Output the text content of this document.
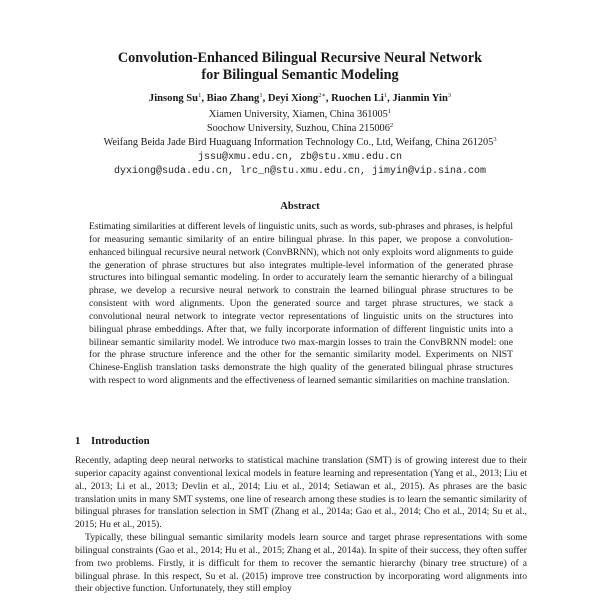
Convolution-Enhanced Bilingual Recursive Neural Network
for Bilingual Semantic Modeling
Jinsong Su$^1$, Biao Zhang$^1$, Deyi Xiong$^{2∗}$, Ruochen Li$^1$, Jianmin Yin$^3$
Xiamen University, Xiamen, China 361005$^1$
Soochow University, Suzhou, China 215006$^2$
Weifang Beida Jade Bird Huaguang Information Technology Co., Ltd, Weifang, China 261205$^3$
jssu@xmu.edu.cn, zb@stu.xmu.edu.cn
dyxiong@suda.edu.cn, lrc_n@stu.xmu.edu.cn, jimyin@vip.sina.com
Abstract

Estimating similarities at different levels of linguistic units, such as words, sub-phrases and phrases, is helpful for measuring semantic similarity of an entire bilingual phrase. In this paper, we propose a convolution-enhanced bilingual recursive neural network (ConvBRNN), which not only exploits word alignments to guide the generation of phrase structures but also integrates multiple-level information of the generated phrase structures into bilingual semantic modeling. In order to accurately learn the semantic hierarchy of a bilingual phrase, we develop a recursive neural network to constrain the learned bilingual phrase structures to be consistent with word alignments. Upon the generated source and target phrase structures, we stack a convolutional neural network to integrate vector representations of linguistic units on the structures into bilingual phrase embeddings. After that, we fully incorporate information of different linguistic units into a bilinear semantic similarity model. We introduce two max-margin losses to train the ConvBRNN model: one for the phrase structure inference and the other for the semantic similarity model. Experiments on NIST Chinese-English translation tasks demonstrate the high quality of the generated bilingual phrase structures with respect to word alignments and the effectiveness of learned semantic similarities on machine translation.

1 Introduction

Recently, adapting deep neural networks to statistical machine translation (SMT) is of growing interest due to their superior capacity against conventional lexical models in feature learning and representation (Yang et al., 2013; Liu et al., 2013; Li et al., 2013; Devlin et al., 2014; Liu et al., 2014; Setiawan et al., 2015). As phrases are the basic translation units in many SMT systems, one line of research among these studies is to learn the semantic similarity of bilingual phrases for translation selection in SMT (Zhang et al., 2014a; Gao et al., 2014; Cho et al., 2014; Su et al., 2015; Hu et al., 2015).

Typically, these bilingual semantic similarity models learn source and target phrase representations with some bilingual constraints (Gao et al., 2014; Hu et al., 2015; Zhang et al., 2014a). In spite of their success, they often suffer from two problems. Firstly, it is difficult for them to recover the semantic hierarchy (binary tree structure) of a bilingual phrase. In this respect, Su et al. (2015) improve tree construction by incorporating word alignments into their objective function. Unfortunately, they still employ
